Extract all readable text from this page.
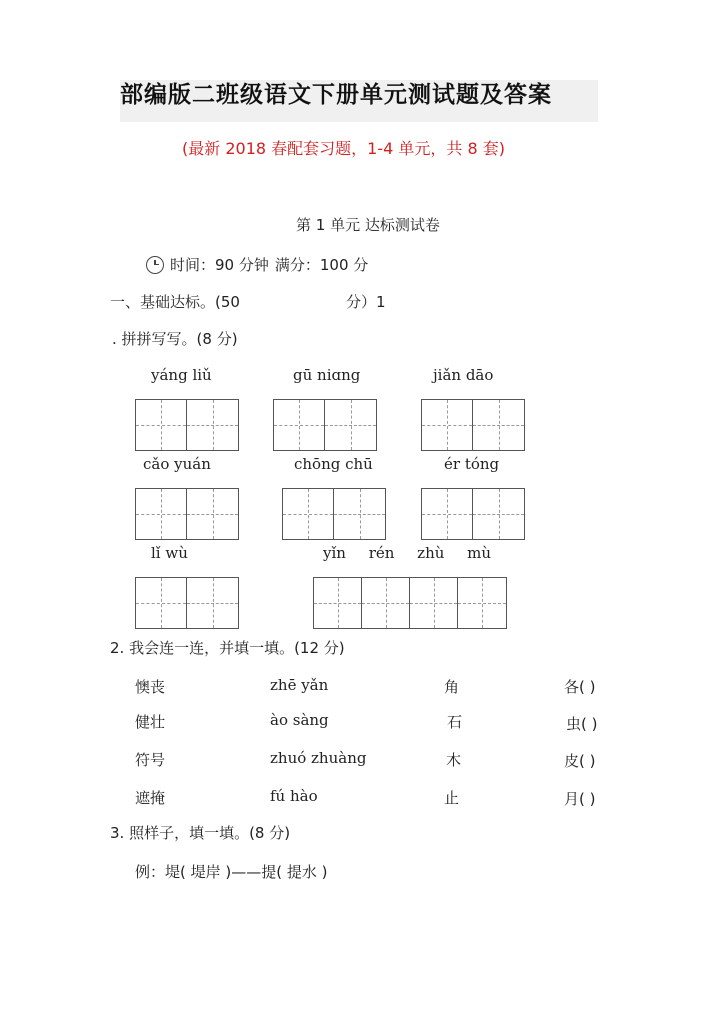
部编版二班级语文下册单元测试题及答案
(最新 2018 春配套习题，1-4 单元，共 8 套)
第 1 单元 达标测试卷
时间：90 分钟 满分：100 分
一、基础达标。(50	分）1
. 拼拼写写。(8 分)
yáng liǔ	gū niɑng	jiǎn dāo
cǎo yuán	chōng chū	ér tóng
lǐ wù	yǐn rén zhù mù
2. 我会连一连，并填一填。(12 分)
懊丧	zhē yǎn	角	各( )
健壮	ào sàng	石	虫( )
符号	zhuó zhuàng	木	皮( )
遮掩	fú hào	止	月( )
3. 照样子，填一填。(8 分)
例：堤( 堤岸 )——提( 提水 )
